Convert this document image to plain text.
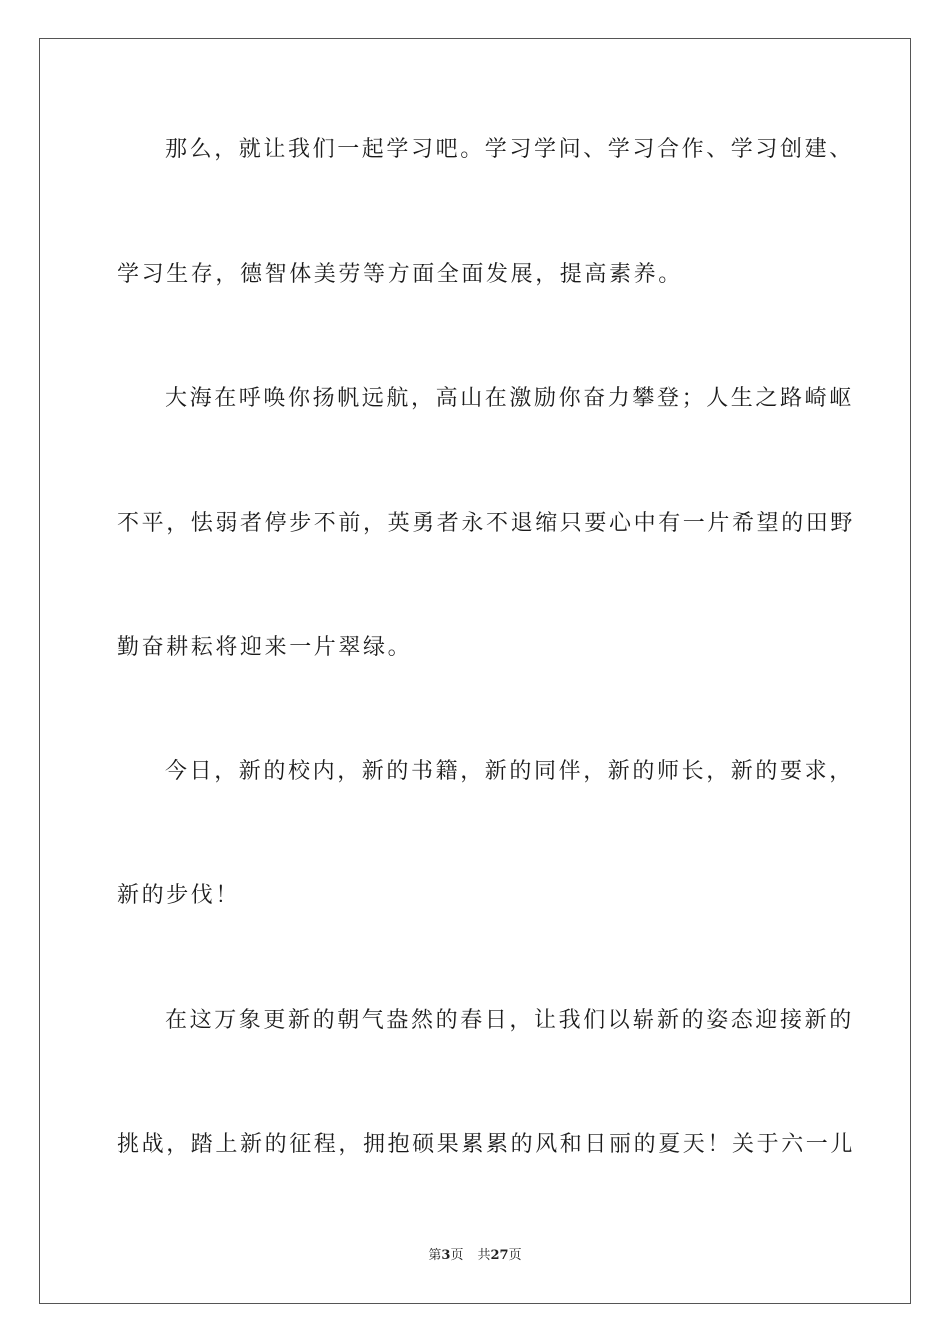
那么，就让我们一起学习吧。学习学问、学习合作、学习创建、
学习生存，德智体美劳等方面全面发展，提高素养。
大海在呼唤你扬帆远航，高山在激励你奋力攀登；人生之路崎岖
不平，怯弱者停步不前，英勇者永不退缩只要心中有一片希望的田野
勤奋耕耘将迎来一片翠绿。
今日，新的校内，新的书籍，新的同伴，新的师长，新的要求，
新的步伐！
在这万象更新的朝气盎然的春日，让我们以崭新的姿态迎接新的
挑战，踏上新的征程，拥抱硕果累累的风和日丽的夏天！关于六一儿
第3页 共27页
